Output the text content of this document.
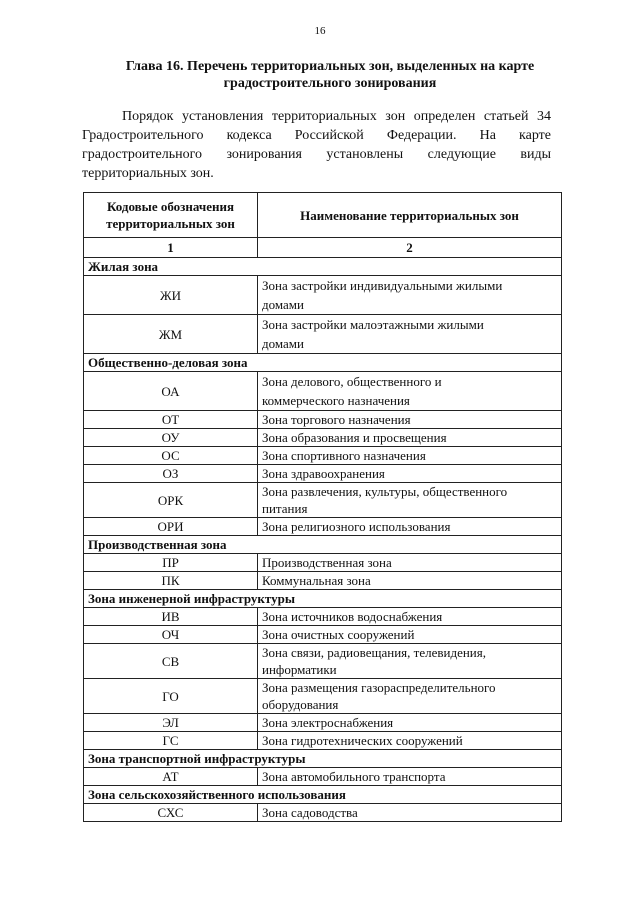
16
Глава 16. Перечень территориальных зон, выделенных на карте
градостроительного зонирования
Порядок установления территориальных зон определен статьей 34 Градостроительного кодекса Российской Федерации. На карте градостроительного зонирования установлены следующие виды территориальных зон.
Кодовые обозначения
территориальных зон	Наименование территориальных зон
1	2
Жилая зона	
ЖИ	Зона застройки индивидуальными жилыми
домами

ЖМ	Зона застройки малоэтажными жилыми
домами

Общественно-деловая зона	
ОА	Зона делового, общественного и
коммерческого назначения

ОТ	Зона торгового назначения
ОУ	Зона образования и просвещения
ОС	Зона спортивного назначения
ОЗ	Зона здравоохранения
ОРК	Зона развлечения, культуры, общественного
питания

ОРИ	Зона религиозного использования
Производственная зона	
ПР	Производственная зона
ПК	Коммунальная зона
Зона инженерной инфраструктуры	
ИВ	Зона источников водоснабжения
ОЧ	Зона очистных сооружений
СВ	Зона связи, радиовещания, телевидения,
информатики

ГО	Зона размещения газораспределительного
оборудования

ЭЛ	Зона электроснабжения
ГС	Зона гидротехнических сооружений
Зона транспортной инфраструктуры	
АТ	Зона автомобильного транспорта
Зона сельскохозяйственного использования	
СХС	Зона садоводства
